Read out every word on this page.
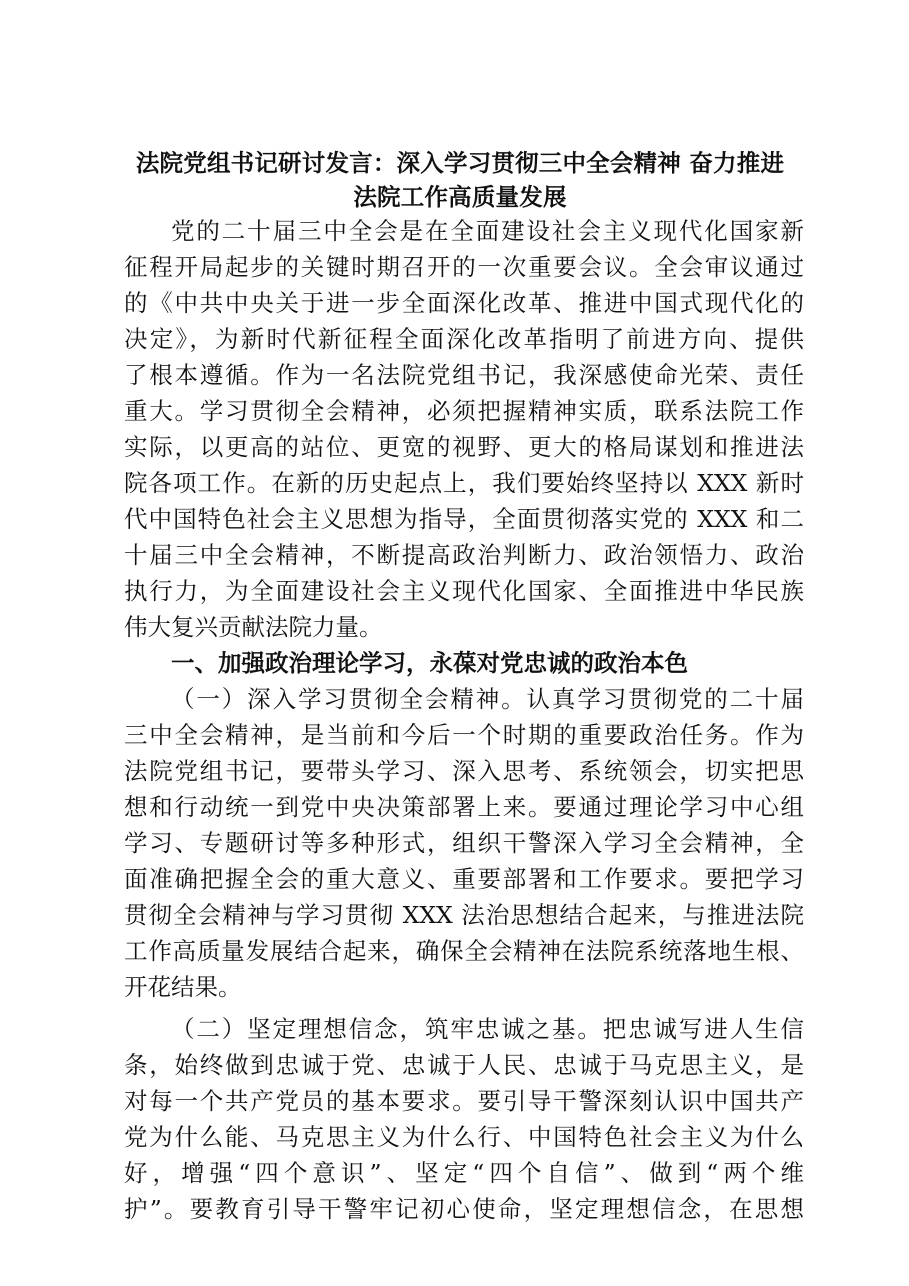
法院党组书记研讨发言：深入学习贯彻三中全会精神 奋力推进
法院工作高质量发展
党的二十届三中全会是在全面建设社会主义现代化国家新
征程开局起步的关键时期召开的一次重要会议。全会审议通过
的《中共中央关于进一步全面深化改革、推进中国式现代化的
决定》，为新时代新征程全面深化改革指明了前进方向、提供
了根本遵循。作为一名法院党组书记，我深感使命光荣、责任
重大。学习贯彻全会精神，必须把握精神实质，联系法院工作
实际，以更高的站位、更宽的视野、更大的格局谋划和推进法
院各项工作。在新的历史起点上，我们要始终坚持以 XXX 新时
代中国特色社会主义思想为指导，全面贯彻落实党的 XXX 和二
十届三中全会精神，不断提高政治判断力、政治领悟力、政治
执行力，为全面建设社会主义现代化国家、全面推进中华民族
伟大复兴贡献法院力量。
一、加强政治理论学习，永葆对党忠诚的政治本色
（一）深入学习贯彻全会精神。认真学习贯彻党的二十届
三中全会精神，是当前和今后一个时期的重要政治任务。作为
法院党组书记，要带头学习、深入思考、系统领会，切实把思
想和行动统一到党中央决策部署上来。要通过理论学习中心组
学习、专题研讨等多种形式，组织干警深入学习全会精神，全
面准确把握全会的重大意义、重要部署和工作要求。要把学习
贯彻全会精神与学习贯彻 XXX 法治思想结合起来，与推进法院
工作高质量发展结合起来，确保全会精神在法院系统落地生根、
开花结果。
（二）坚定理想信念，筑牢忠诚之基。把忠诚写进人生信
条，始终做到忠诚于党、忠诚于人民、忠诚于马克思主义，是
对每一个共产党员的基本要求。要引导干警深刻认识中国共产
党为什么能、马克思主义为什么行、中国特色社会主义为什么
好，增强“四个意识”、坚定“四个自信”、做到“两个维
护”。要教育引导干警牢记初心使命，坚定理想信念，在思想
